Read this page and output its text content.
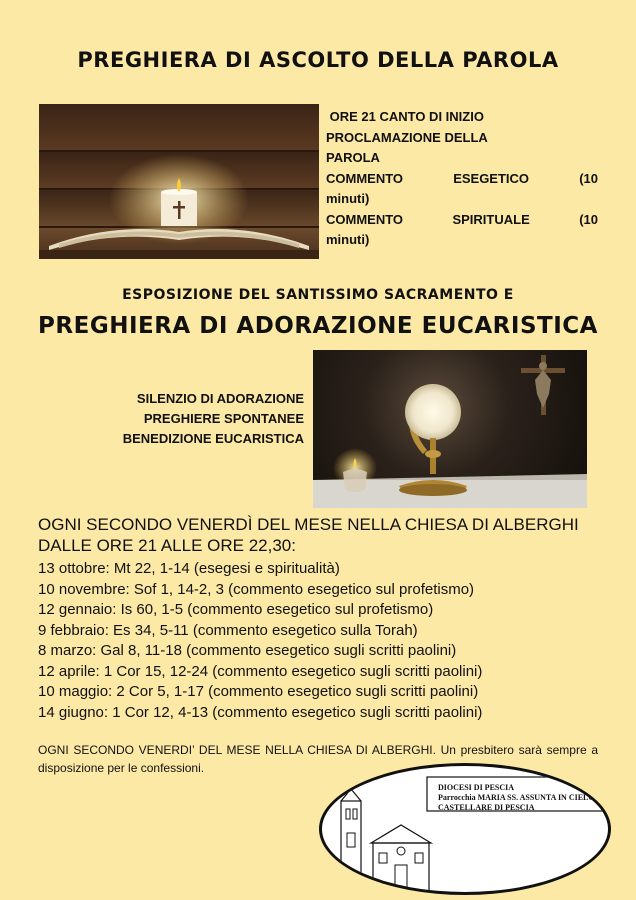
PREGHIERA DI ASCOLTO DELLA PAROLA
ORE 21 CANTO DI INIZIO
PROCLAMAZIONE DELLA
PAROLA
COMMENTO	ESEGETICO	(10
minuti)
COMMENTO	SPIRITUALE	(10
minuti)
ESPOSIZIONE DEL SANTISSIMO SACRAMENTO E
PREGHIERA DI ADORAZIONE EUCARISTICA
SILENZIO DI ADORAZIONE
PREGHIERE SPONTANEE
BENEDIZIONE EUCARISTICA
OGNI SECONDO VENERDÌ DEL MESE NELLA CHIESA DI ALBERGHI
DALLE ORE 21 ALLE ORE 22,30:
13 ottobre: Mt 22, 1-14 (esegesi e spiritualità)
10 novembre: Sof 1, 14-2, 3 (commento esegetico sul profetismo)
12 gennaio: Is 60, 1-5 (commento esegetico sul profetismo)
9 febbraio: Es 34, 5-11 (commento esegetico sulla Torah)
8 marzo: Gal 8, 11-18 (commento esegetico sugli scritti paolini)
12 aprile: 1 Cor 15, 12-24 (commento esegetico sugli scritti paolini)
10 maggio: 2 Cor 5, 1-17 (commento esegetico sugli scritti paolini)
14 giugno: 1 Cor 12, 4-13 (commento esegetico sugli scritti paolini)
OGNI SECONDO VENERDI’ DEL MESE NELLA CHIESA DI ALBERGHI. Un presbitero sarà sempre a disposizione per le confessioni.
DIOCESI DI PESCIA
Parrocchia MARIA SS. ASSUNTA IN CIELO
CASTELLARE DI PESCIA
